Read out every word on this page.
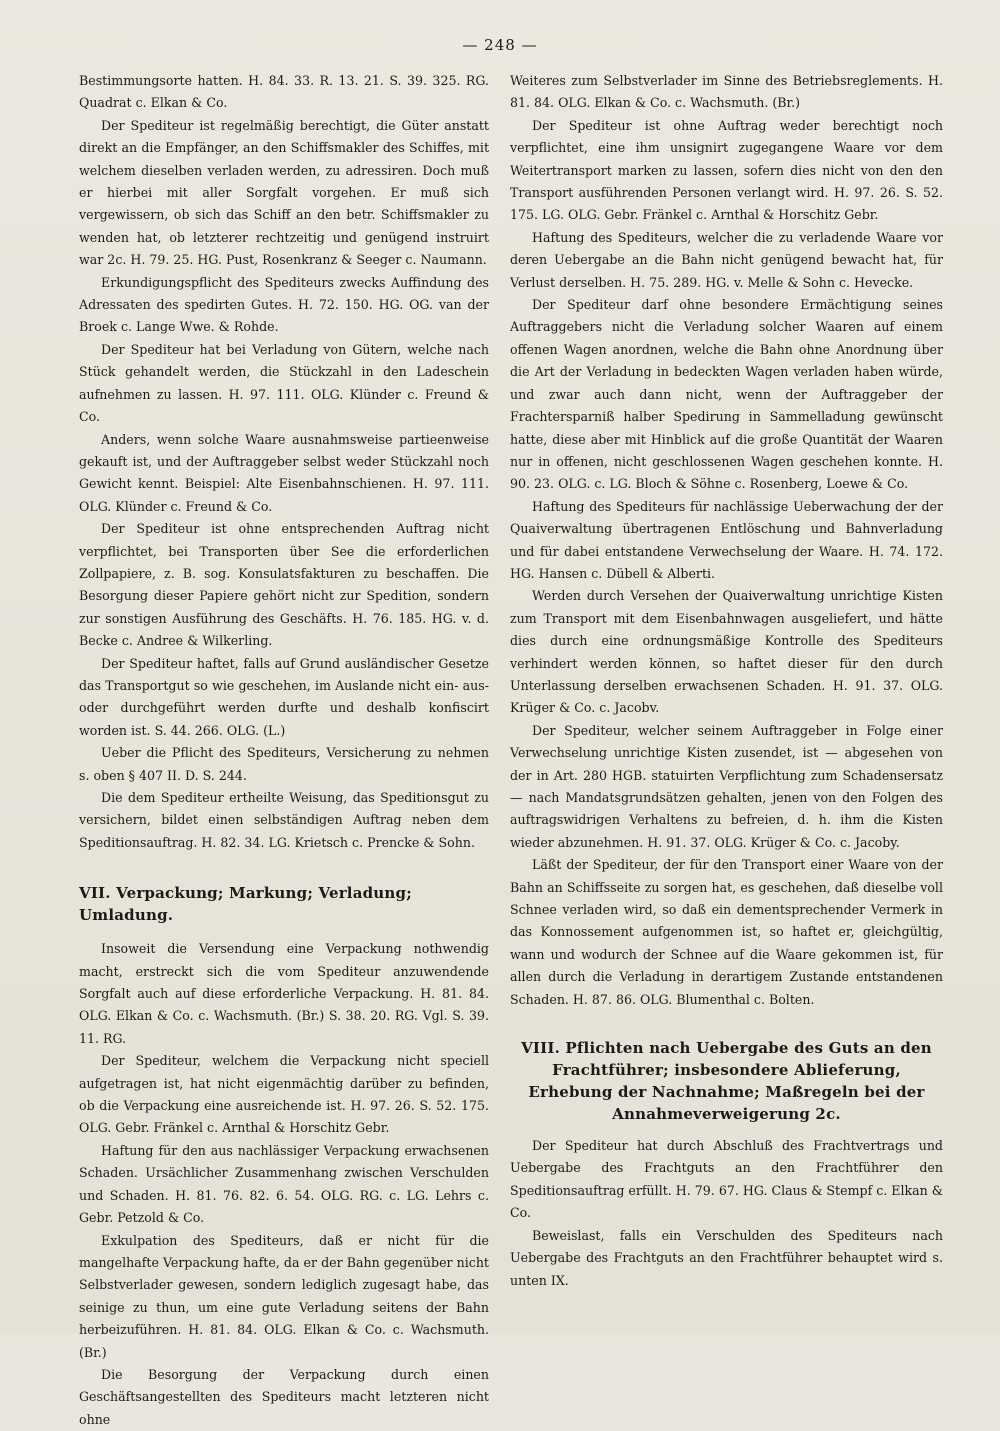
— 248 —

Bestimmungsorte hatten. H. 84. 33. R. 13. 21. S. 39. 325. RG. Quadrat c. Elkan & Co.

Der Spediteur ist regelmäßig berechtigt, die Güter anstatt direkt an die Empfänger, an den Schiffsmakler des Schiffes, mit welchem dieselben verladen werden, zu adressiren. Doch muß er hierbei mit aller Sorgfalt vorgehen. Er muß sich vergewissern, ob sich das Schiff an den betr. Schiffsmakler zu wenden hat, ob letzterer rechtzeitig und genügend instruirt war 2c. H. 79. 25. HG. Pust, Rosenkranz & Seeger c. Naumann.

Erkundigungspflicht des Spediteurs zwecks Auffindung des Adressaten des spedirten Gutes. H. 72. 150. HG. OG. van der Broek c. Lange Wwe. & Rohde.

Der Spediteur hat bei Verladung von Gütern, welche nach Stück gehandelt werden, die Stückzahl in den Ladeschein aufnehmen zu lassen. H. 97. 111. OLG. Klünder c. Freund & Co.

Anders, wenn solche Waare ausnahmsweise partieenweise gekauft ist, und der Auftraggeber selbst weder Stückzahl noch Gewicht kennt. Beispiel: Alte Eisenbahnschienen. H. 97. 111. OLG. Klünder c. Freund & Co.

Der Spediteur ist ohne entsprechenden Auftrag nicht verpflichtet, bei Transporten über See die erforderlichen Zollpapiere, z. B. sog. Konsulatsfakturen zu beschaffen. Die Besorgung dieser Papiere gehört nicht zur Spedition, sondern zur sonstigen Ausführung des Geschäfts. H. 76. 185. HG. v. d. Becke c. Andree & Wilkerling.

Der Spediteur haftet, falls auf Grund ausländischer Gesetze das Transportgut so wie geschehen, im Auslande nicht ein- aus- oder durchgeführt werden durfte und deshalb konfiscirt worden ist. S. 44. 266. OLG. (L.)

Ueber die Pflicht des Spediteurs, Versicherung zu nehmen s. oben § 407 II. D. S. 244.

Die dem Spediteur ertheilte Weisung, das Speditionsgut zu versichern, bildet einen selbständigen Auftrag neben dem Speditionsauftrag. H. 82. 34. LG. Krietsch c. Prencke & Sohn.

VII. Verpackung; Markung; Verladung; Umladung.

Insoweit die Versendung eine Verpackung nothwendig macht, erstreckt sich die vom Spediteur anzuwendende Sorgfalt auch auf diese erforderliche Verpackung. H. 81. 84. OLG. Elkan & Co. c. Wachsmuth. (Br.) S. 38. 20. RG. Vgl. S. 39. 11. RG.

Der Spediteur, welchem die Verpackung nicht speciell aufgetragen ist, hat nicht eigenmächtig darüber zu befinden, ob die Verpackung eine ausreichende ist. H. 97. 26. S. 52. 175. OLG. Gebr. Fränkel c. Arnthal & Horschitz Gebr.

Haftung für den aus nachlässiger Verpackung erwachsenen Schaden. Ursächlicher Zusammenhang zwischen Verschulden und Schaden. H. 81. 76. 82. 6. 54. OLG. RG. c. LG. Lehrs c. Gebr. Petzold & Co.

Exkulpation des Spediteurs, daß er nicht für die mangelhafte Verpackung hafte, da er der Bahn gegenüber nicht Selbstverlader gewesen, sondern lediglich zugesagt habe, das seinige zu thun, um eine gute Verladung seitens der Bahn herbeizuführen. H. 81. 84. OLG. Elkan & Co. c. Wachsmuth. (Br.)

Die Besorgung der Verpackung durch einen Geschäftsangestellten des Spediteurs macht letzteren nicht ohne

Weiteres zum Selbstverlader im Sinne des Betriebsreglements. H. 81. 84. OLG. Elkan & Co. c. Wachsmuth. (Br.)

Der Spediteur ist ohne Auftrag weder berechtigt noch verpflichtet, eine ihm unsignirt zugegangene Waare vor dem Weitertransport marken zu lassen, sofern dies nicht von den den Transport ausführenden Personen verlangt wird. H. 97. 26. S. 52. 175. LG. OLG. Gebr. Fränkel c. Arnthal & Horschitz Gebr.

Haftung des Spediteurs, welcher die zu verladende Waare vor deren Uebergabe an die Bahn nicht genügend bewacht hat, für Verlust derselben. H. 75. 289. HG. v. Melle & Sohn c. Hevecke.

Der Spediteur darf ohne besondere Ermächtigung seines Auftraggebers nicht die Verladung solcher Waaren auf einem offenen Wagen anordnen, welche die Bahn ohne Anordnung über die Art der Verladung in bedeckten Wagen verladen haben würde, und zwar auch dann nicht, wenn der Auftraggeber der Frachtersparniß halber Spedirung in Sammelladung gewünscht hatte, diese aber mit Hinblick auf die große Quantität der Waaren nur in offenen, nicht geschlossenen Wagen geschehen konnte. H. 90. 23. OLG. c. LG. Bloch & Söhne c. Rosenberg, Loewe & Co.

Haftung des Spediteurs für nachlässige Ueberwachung der der Quaiverwaltung übertragenen Entlöschung und Bahnverladung und für dabei entstandene Verwechselung der Waare. H. 74. 172. HG. Hansen c. Dübell & Alberti.

Werden durch Versehen der Quaiverwaltung unrichtige Kisten zum Transport mit dem Eisenbahnwagen ausgeliefert, und hätte dies durch eine ordnungsmäßige Kontrolle des Spediteurs verhindert werden können, so haftet dieser für den durch Unterlassung derselben erwachsenen Schaden. H. 91. 37. OLG. Krüger & Co. c. Jacobv.

Der Spediteur, welcher seinem Auftraggeber in Folge einer Verwechselung unrichtige Kisten zusendet, ist — abgesehen von der in Art. 280 HGB. statuirten Verpflichtung zum Schadensersatz — nach Mandatsgrundsätzen gehalten, jenen von den Folgen des auftragswidrigen Verhaltens zu befreien, d. h. ihm die Kisten wieder abzunehmen. H. 91. 37. OLG. Krüger & Co. c. Jacoby.

Läßt der Spediteur, der für den Transport einer Waare von der Bahn an Schiffsseite zu sorgen hat, es geschehen, daß dieselbe voll Schnee verladen wird, so daß ein dementsprechender Vermerk in das Konnossement aufgenommen ist, so haftet er, gleichgültig, wann und wodurch der Schnee auf die Waare gekommen ist, für allen durch die Verladung in derartigem Zustande entstandenen Schaden. H. 87. 86. OLG. Blumenthal c. Bolten.

VIII. Pflichten nach Uebergabe des Guts an den Frachtführer; insbesondere Ablieferung, Erhebung der Nachnahme; Maßregeln bei der Annahmeverweigerung 2c.

Der Spediteur hat durch Abschluß des Frachtvertrags und Uebergabe des Frachtguts an den Frachtführer den Speditionsauftrag erfüllt. H. 79. 67. HG. Claus & Stempf c. Elkan & Co.

Beweislast, falls ein Verschulden des Spediteurs nach Uebergabe des Frachtguts an den Frachtführer behauptet wird s. unten IX.
